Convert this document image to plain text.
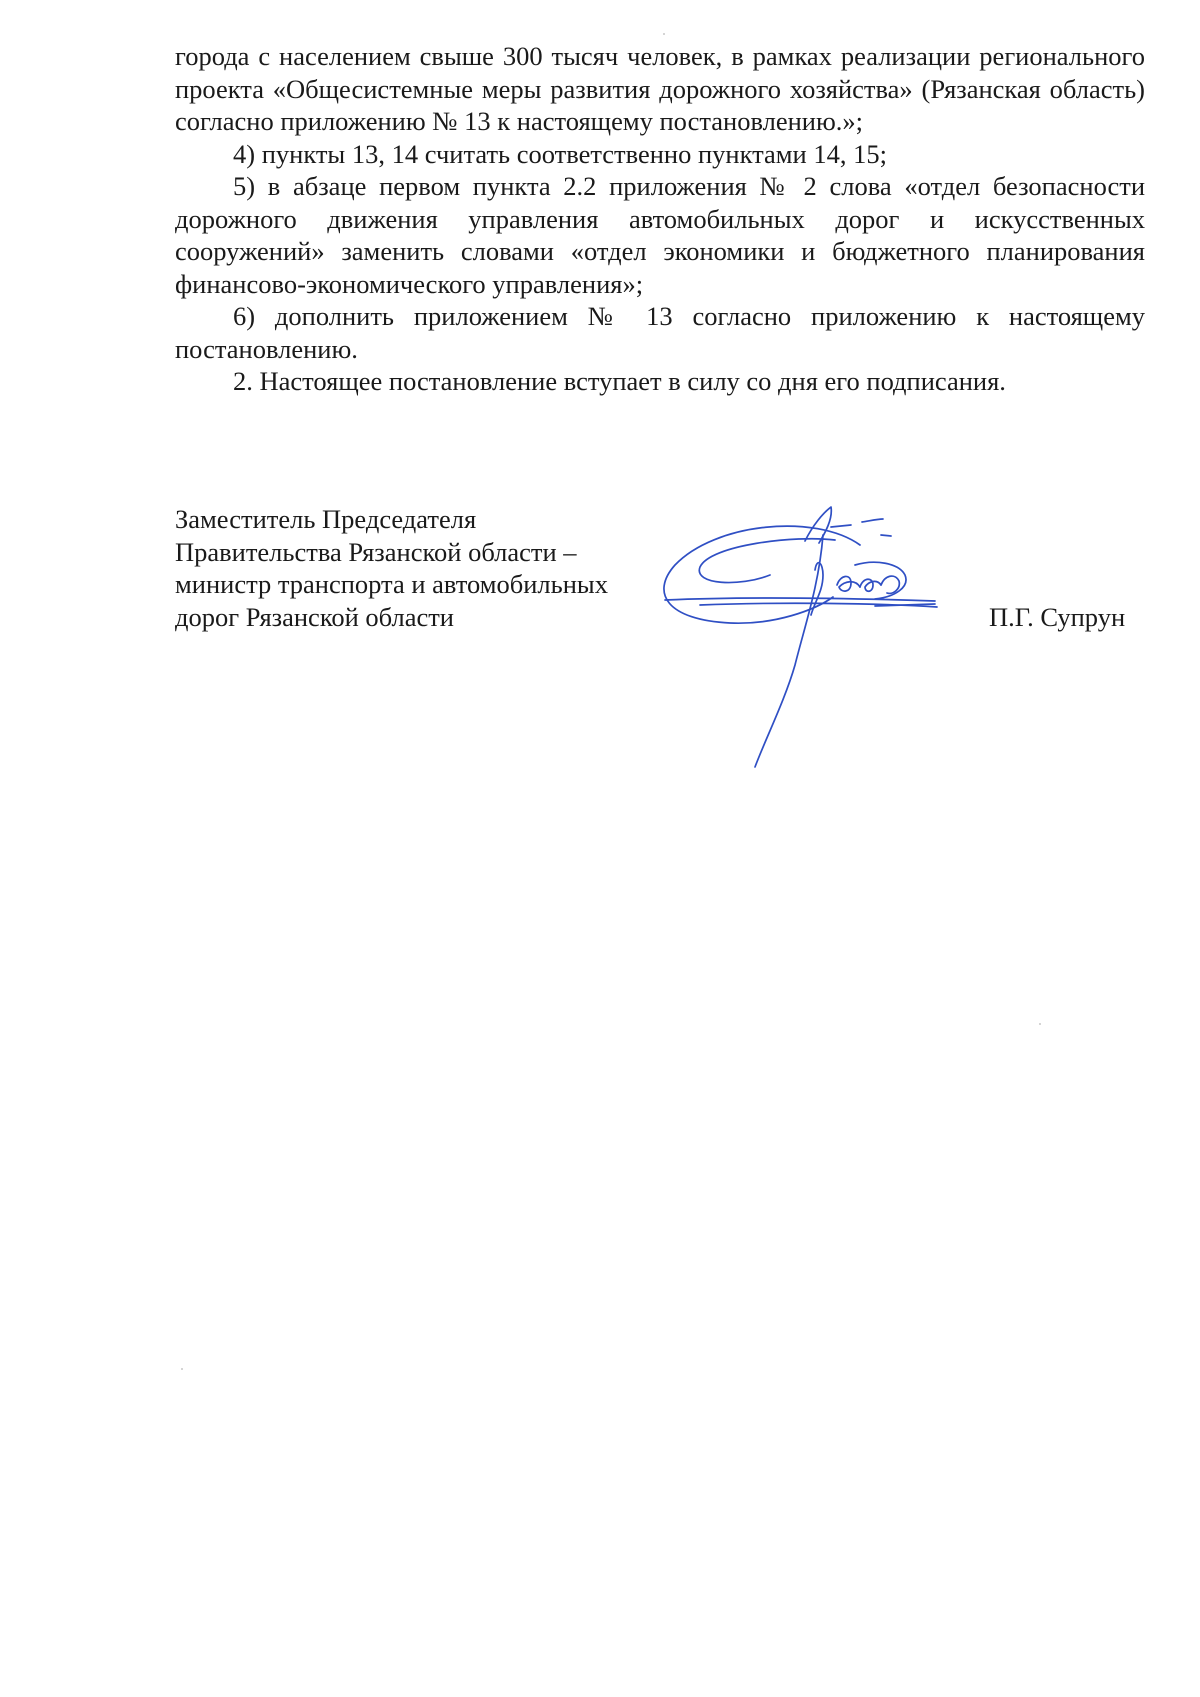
города с населением свыше 300 тысяч человек, в рамках реализации регионального проекта «Общесистемные меры развития дорожного хозяйства» (Рязанская область) согласно приложению № 13 к настоящему постановлению.»;

4) пункты 13, 14 считать соответственно пунктами 14, 15;

5) в абзаце первом пункта 2.2 приложения № 2 слова «отдел безопасности дорожного движения управления автомобильных дорог и искусственных сооружений» заменить словами «отдел экономики и бюджетного планирования финансово-экономического управления»;

6) дополнить приложением № 13 согласно приложению к настоящему постановлению.

2. Настоящее постановление вступает в силу со дня его подписания.

Заместитель Председателя
Правительства Рязанской области –
министр транспорта и автомобильных
дорог Рязанской области	П.Г. Супрун
